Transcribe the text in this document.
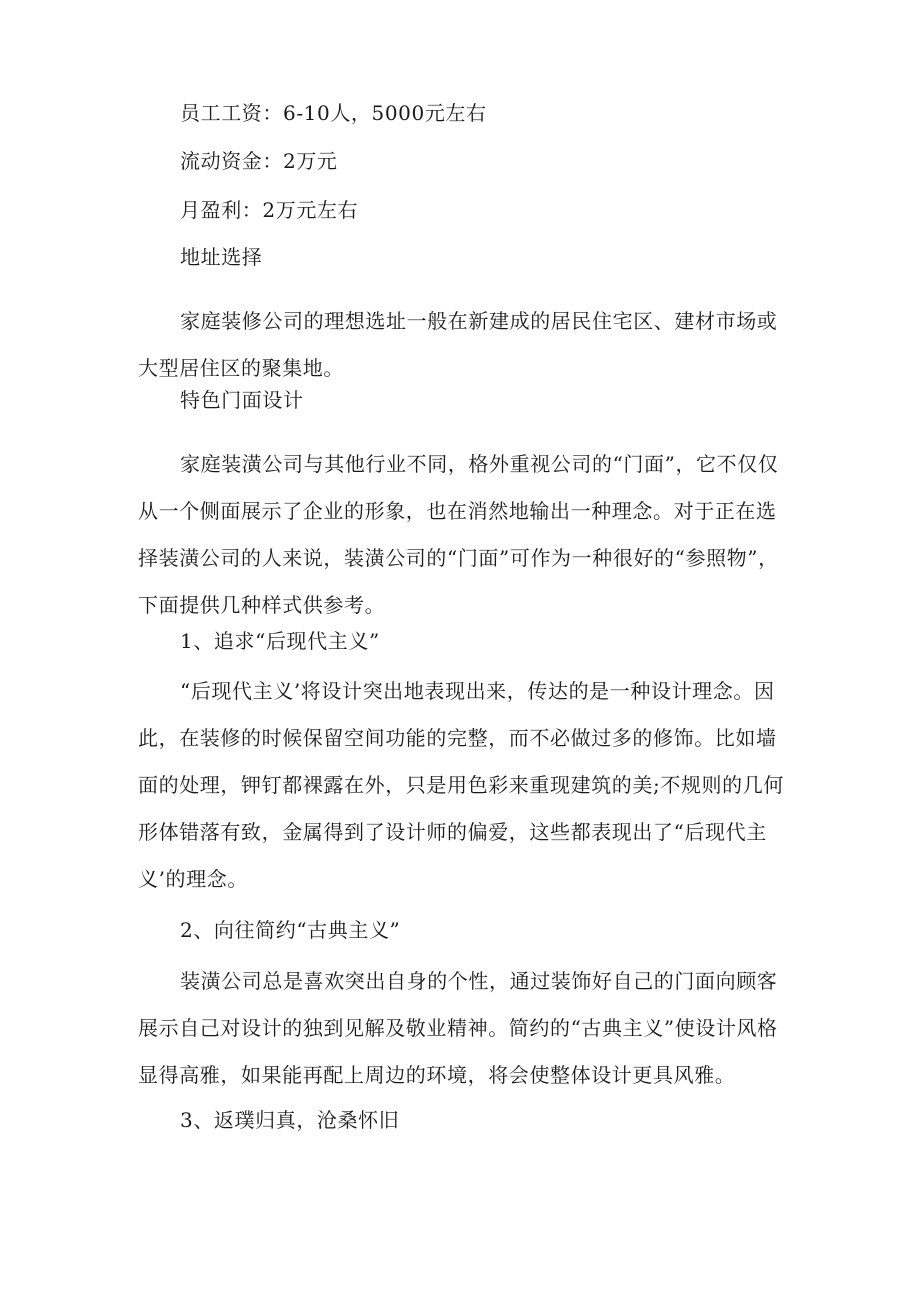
员工工资：6-10人，5000元左右

流动资金：2万元

月盈利：2万元左右

地址选择

家庭装修公司的理想选址一般在新建成的居民住宅区、建材市场或大型居住区的聚集地。

特色门面设计

家庭装潢公司与其他行业不同，格外重视公司的“门面”，它不仅仅从一个侧面展示了企业的形象，也在消然地输出一种理念。对于正在选择装潢公司的人来说，装潢公司的“门面”可作为一种很好的“参照物”，下面提供几种样式供参考。

1、追求“后现代主义”

“后现代主义’将设计突出地表现出来，传达的是一种设计理念。因此，在装修的时候保留空间功能的完整，而不必做过多的修饰。比如墙面的处理，钾钉都裸露在外，只是用色彩来重现建筑的美;不规则的几何形体错落有致，金属得到了设计师的偏爱，这些都表现出了“后现代主义’的理念。

2、向往简约“古典主义”

装潢公司总是喜欢突出自身的个性，通过装饰好自己的门面向顾客展示自己对设计的独到见解及敬业精神。简约的“古典主义”使设计风格显得高雅，如果能再配上周边的环境，将会使整体设计更具风雅。

3、返璞归真，沧桑怀旧
